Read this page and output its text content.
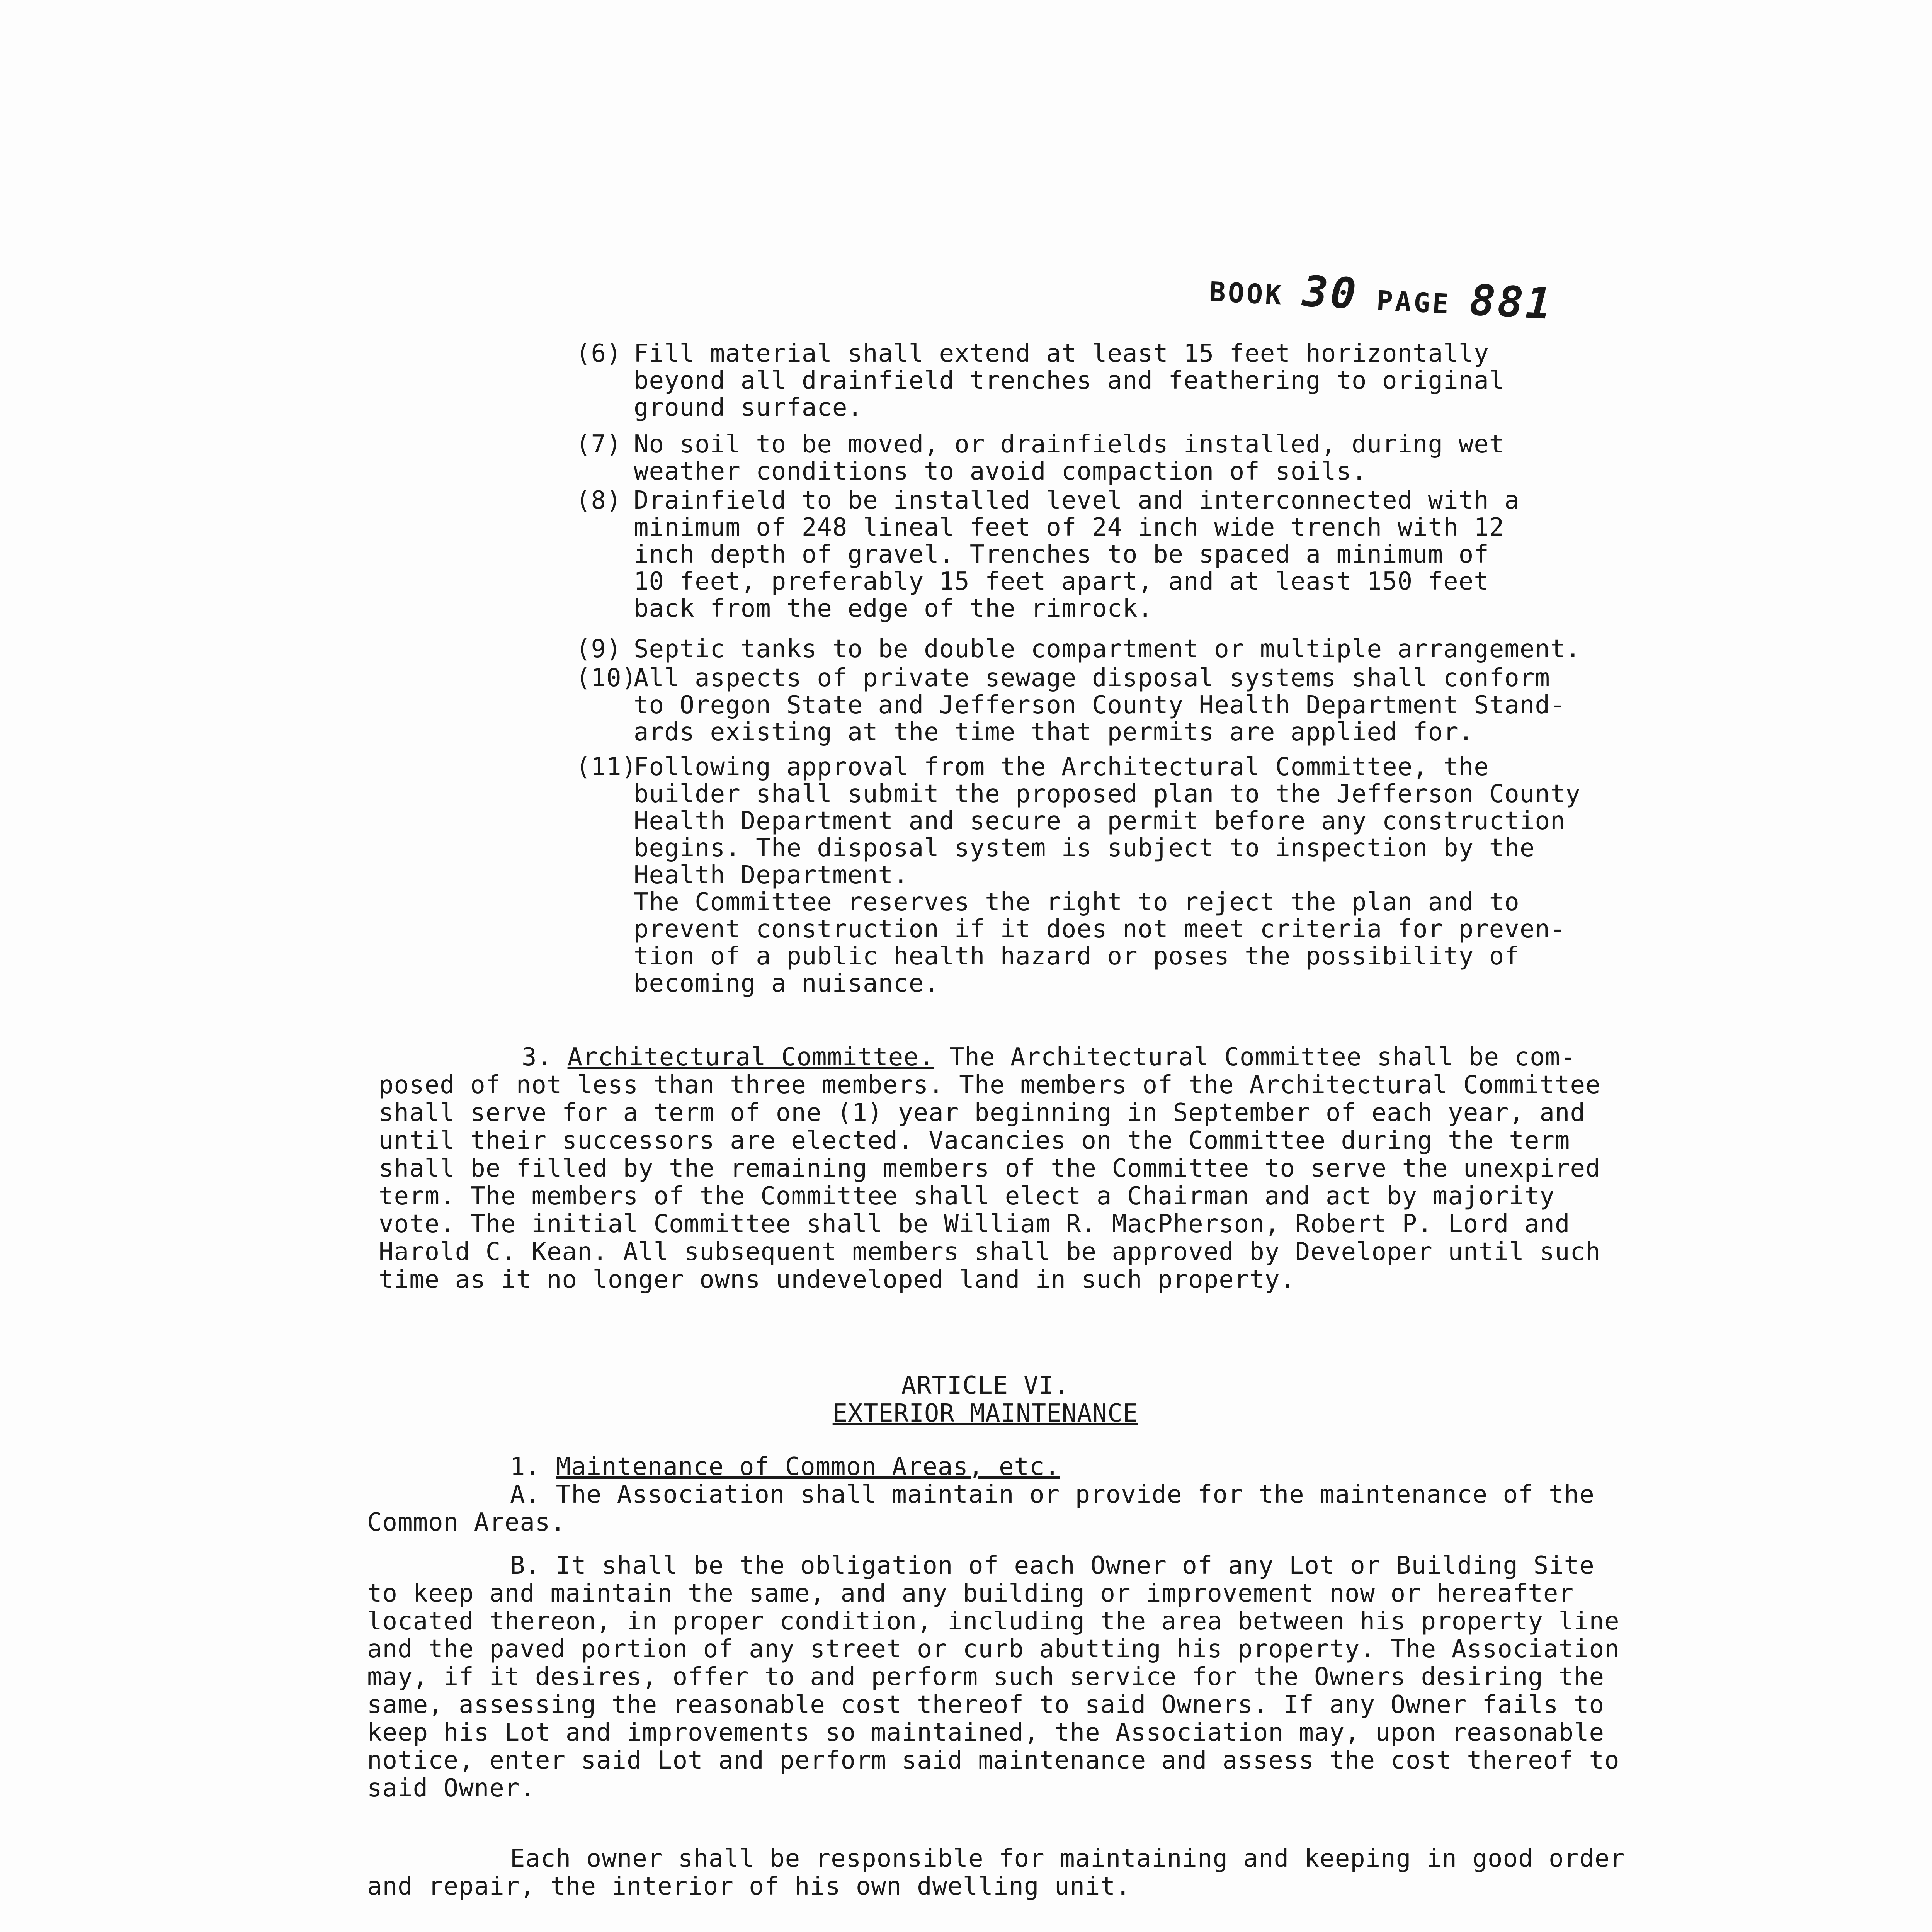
BOOK 30 PAGE 881
(6) Fill material shall extend at least 15 feet horizontally
beyond all drainfield trenches and feathering to original
ground surface.
(7) No soil to be moved, or drainfields installed, during wet
weather conditions to avoid compaction of soils.
(8) Drainfield to be installed level and interconnected with a
minimum of 248 lineal feet of 24 inch wide trench with 12
inch depth of gravel. Trenches to be spaced a minimum of
10 feet, preferably 15 feet apart, and at least 150 feet
back from the edge of the rimrock.
(9) Septic tanks to be double compartment or multiple arrangement.
(10)
All aspects of private sewage disposal systems shall conform
to Oregon State and Jefferson County Health Department Stand-
ards existing at the time that permits are applied for.
(11)
Following approval from the Architectural Committee, the
builder shall submit the proposed plan to the Jefferson County
Health Department and secure a permit before any construction
begins. The disposal system is subject to inspection by the
Health Department.
The Committee reserves the right to reject the plan and to
prevent construction if it does not meet criteria for preven-
tion of a public health hazard or poses the possibility of
becoming a nuisance.
3. Architectural Committee. The Architectural Committee shall be com-
posed of not less than three members. The members of the Architectural Committee
shall serve for a term of one (1) year beginning in September of each year, and
until their successors are elected. Vacancies on the Committee during the term
shall be filled by the remaining members of the Committee to serve the unexpired
term. The members of the Committee shall elect a Chairman and act by majority
vote. The initial Committee shall be William R. MacPherson, Robert P. Lord and
Harold C. Kean. All subsequent members shall be approved by Developer until such
time as it no longer owns undeveloped land in such property.
ARTICLE VI.
EXTERIOR MAINTENANCE
1. Maintenance of Common Areas, etc.
A. The Association shall maintain or provide for the maintenance of the
Common Areas.
B. It shall be the obligation of each Owner of any Lot or Building Site
to keep and maintain the same, and any building or improvement now or hereafter
located thereon, in proper condition, including the area between his property line
and the paved portion of any street or curb abutting his property. The Association
may, if it desires, offer to and perform such service for the Owners desiring the
same, assessing the reasonable cost thereof to said Owners. If any Owner fails to
keep his Lot and improvements so maintained, the Association may, upon reasonable
notice, enter said Lot and perform said maintenance and assess the cost thereof to
said Owner.
Each owner shall be responsible for maintaining and keeping in good order
and repair, the interior of his own dwelling unit.
